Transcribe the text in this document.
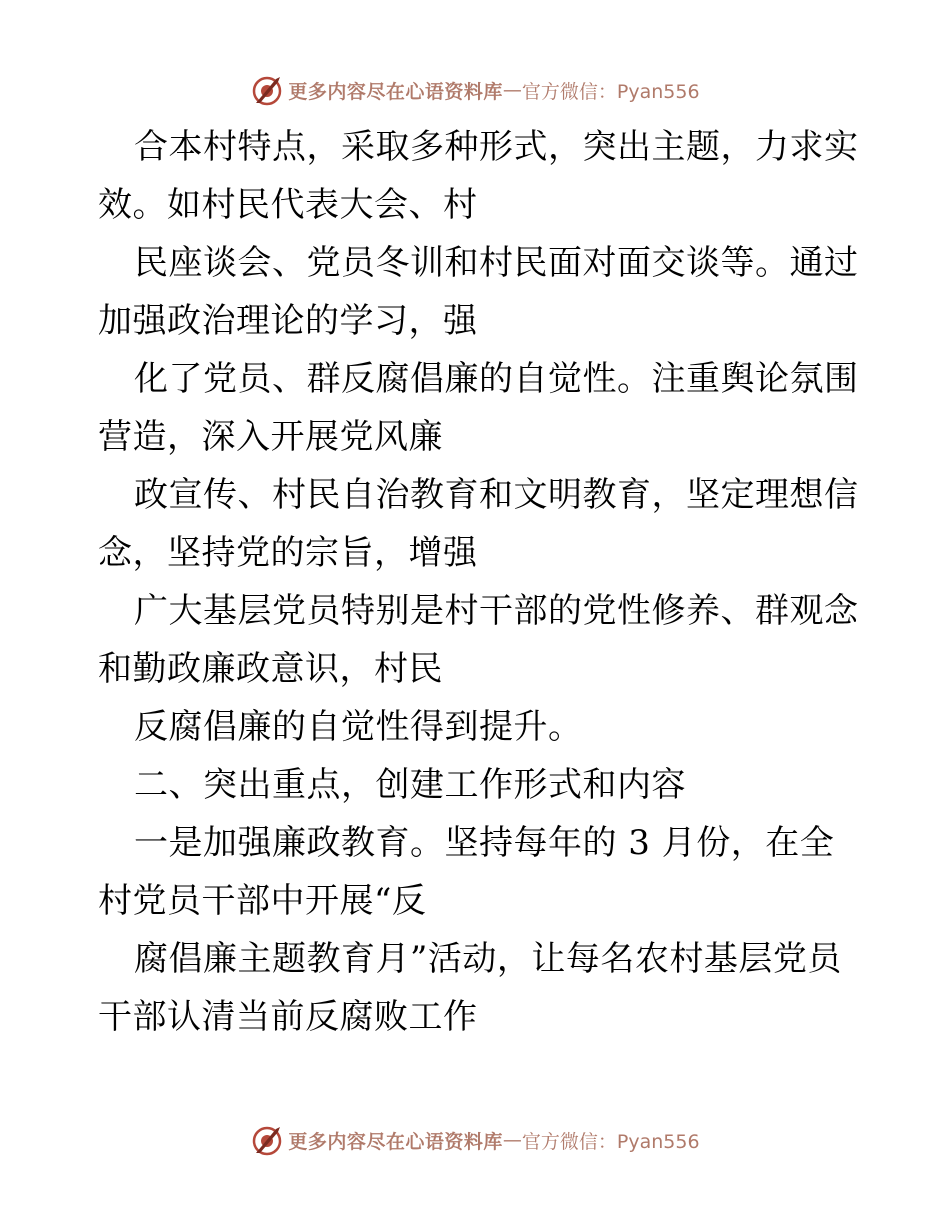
更多内容尽在心语资料库 — 官方微信：Pyan556
合本村特点，采取多种形式，突出主题，力求实
效。如村民代表大会、村
民座谈会、党员冬训和村民面对面交谈等。通过
加强政治理论的学习，强
化了党员、群反腐倡廉的自觉性。注重舆论氛围
营造，深入开展党风廉
政宣传、村民自治教育和文明教育，坚定理想信
念，坚持党的宗旨，增强
广大基层党员特别是村干部的党性修养、群观念
和勤政廉政意识，村民
反腐倡廉的自觉性得到提升。
二、突出重点，创建工作形式和内容
一是加强廉政教育。坚持每年的 3 月份，在全
村党员干部中开展“反
腐倡廉主题教育月”活动，让每名农村基层党员
干部认清当前反腐败工作
更多内容尽在心语资料库 — 官方微信：Pyan556
